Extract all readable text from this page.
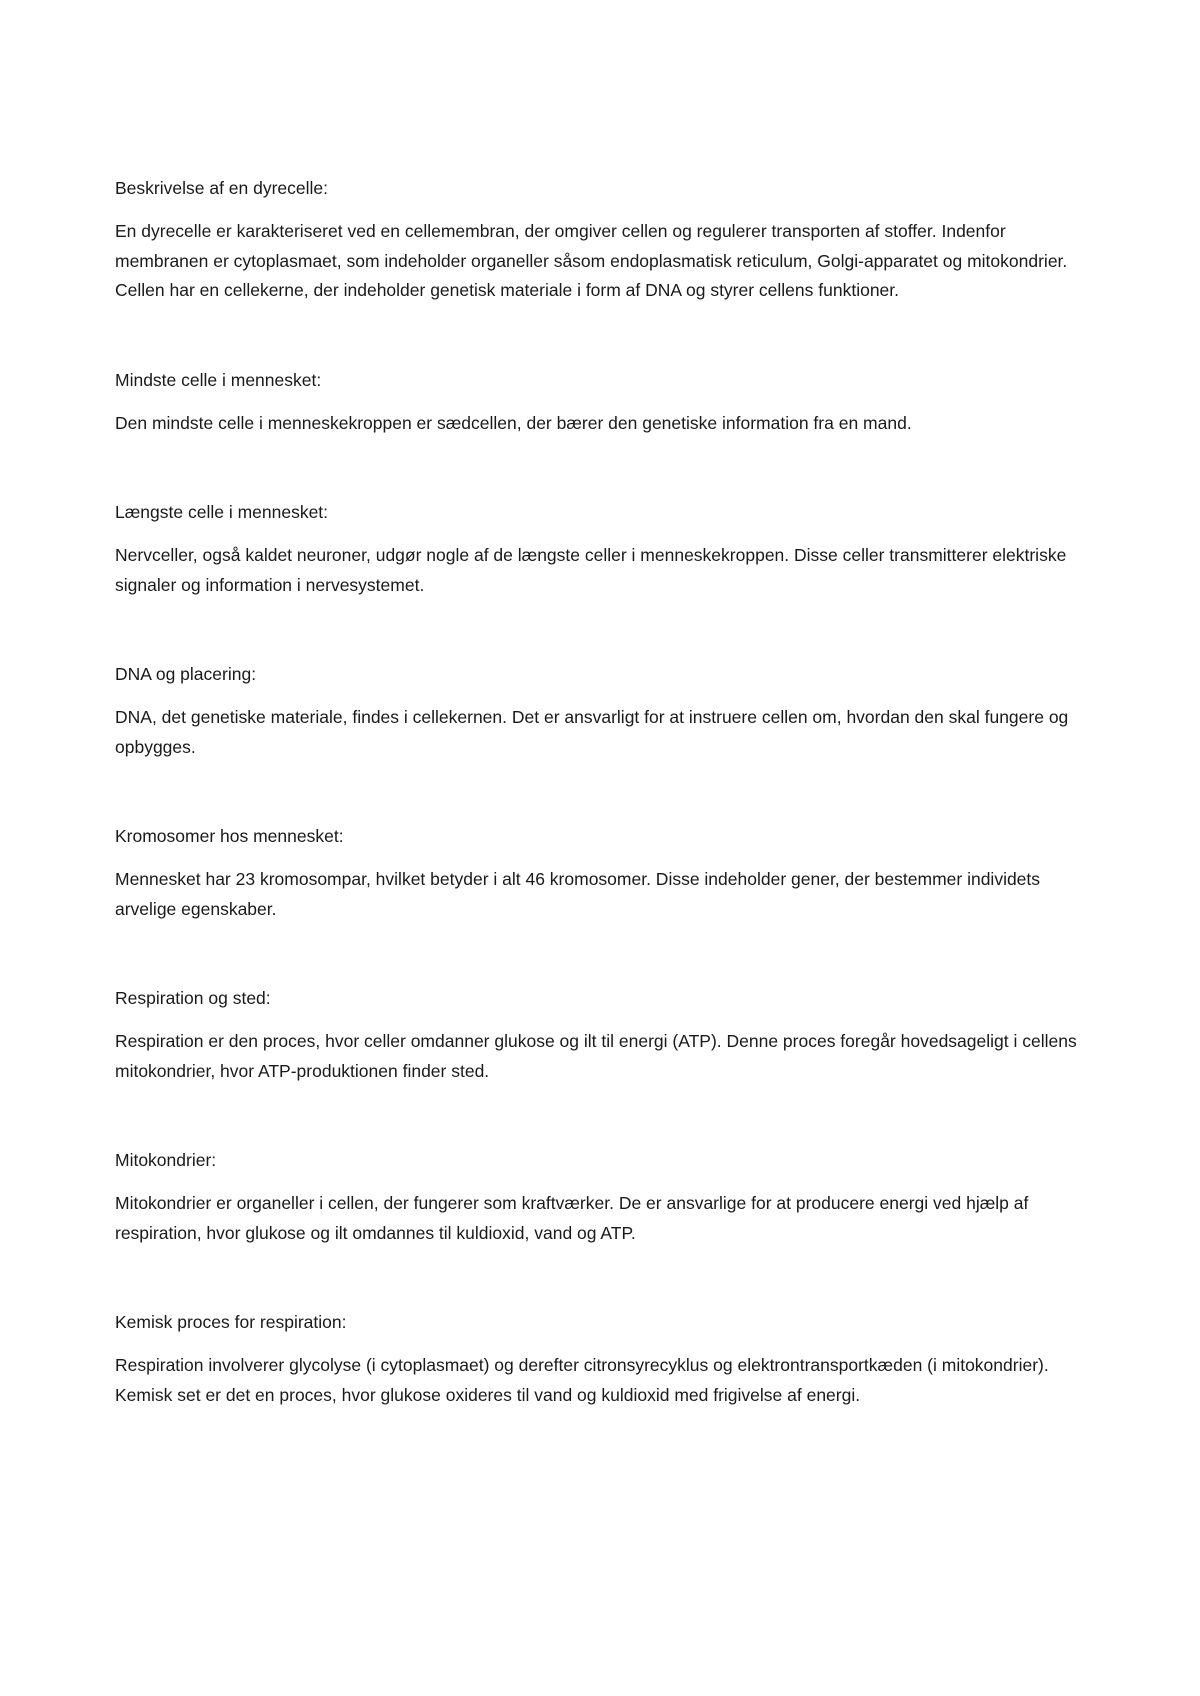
Beskrivelse af en dyrecelle:

En dyrecelle er karakteriseret ved en cellemembran, der omgiver cellen og regulerer transporten af stoffer. Indenfor membranen er cytoplasmaet, som indeholder organeller såsom endoplasmatisk reticulum, Golgi-apparatet og mitokondrier. Cellen har en cellekerne, der indeholder genetisk materiale i form af DNA og styrer cellens funktioner.

Mindste celle i mennesket:

Den mindste celle i menneskekroppen er sædcellen, der bærer den genetiske information fra en mand.

Længste celle i mennesket:

Nervceller, også kaldet neuroner, udgør nogle af de længste celler i menneskekroppen. Disse celler transmitterer elektriske signaler og information i nervesystemet.

DNA og placering:

DNA, det genetiske materiale, findes i cellekernen. Det er ansvarligt for at instruere cellen om, hvordan den skal fungere og opbygges.

Kromosomer hos mennesket:

Mennesket har 23 kromosompar, hvilket betyder i alt 46 kromosomer. Disse indeholder gener, der bestemmer individets arvelige egenskaber.

Respiration og sted:

Respiration er den proces, hvor celler omdanner glukose og ilt til energi (ATP). Denne proces foregår hovedsageligt i cellens mitokondrier, hvor ATP-produktionen finder sted.

Mitokondrier:

Mitokondrier er organeller i cellen, der fungerer som kraftværker. De er ansvarlige for at producere energi ved hjælp af respiration, hvor glukose og ilt omdannes til kuldioxid, vand og ATP.

Kemisk proces for respiration:

Respiration involverer glycolyse (i cytoplasmaet) og derefter citronsyrecyklus og elektrontransportkæden (i mitokondrier). Kemisk set er det en proces, hvor glukose oxideres til vand og kuldioxid med frigivelse af energi.
